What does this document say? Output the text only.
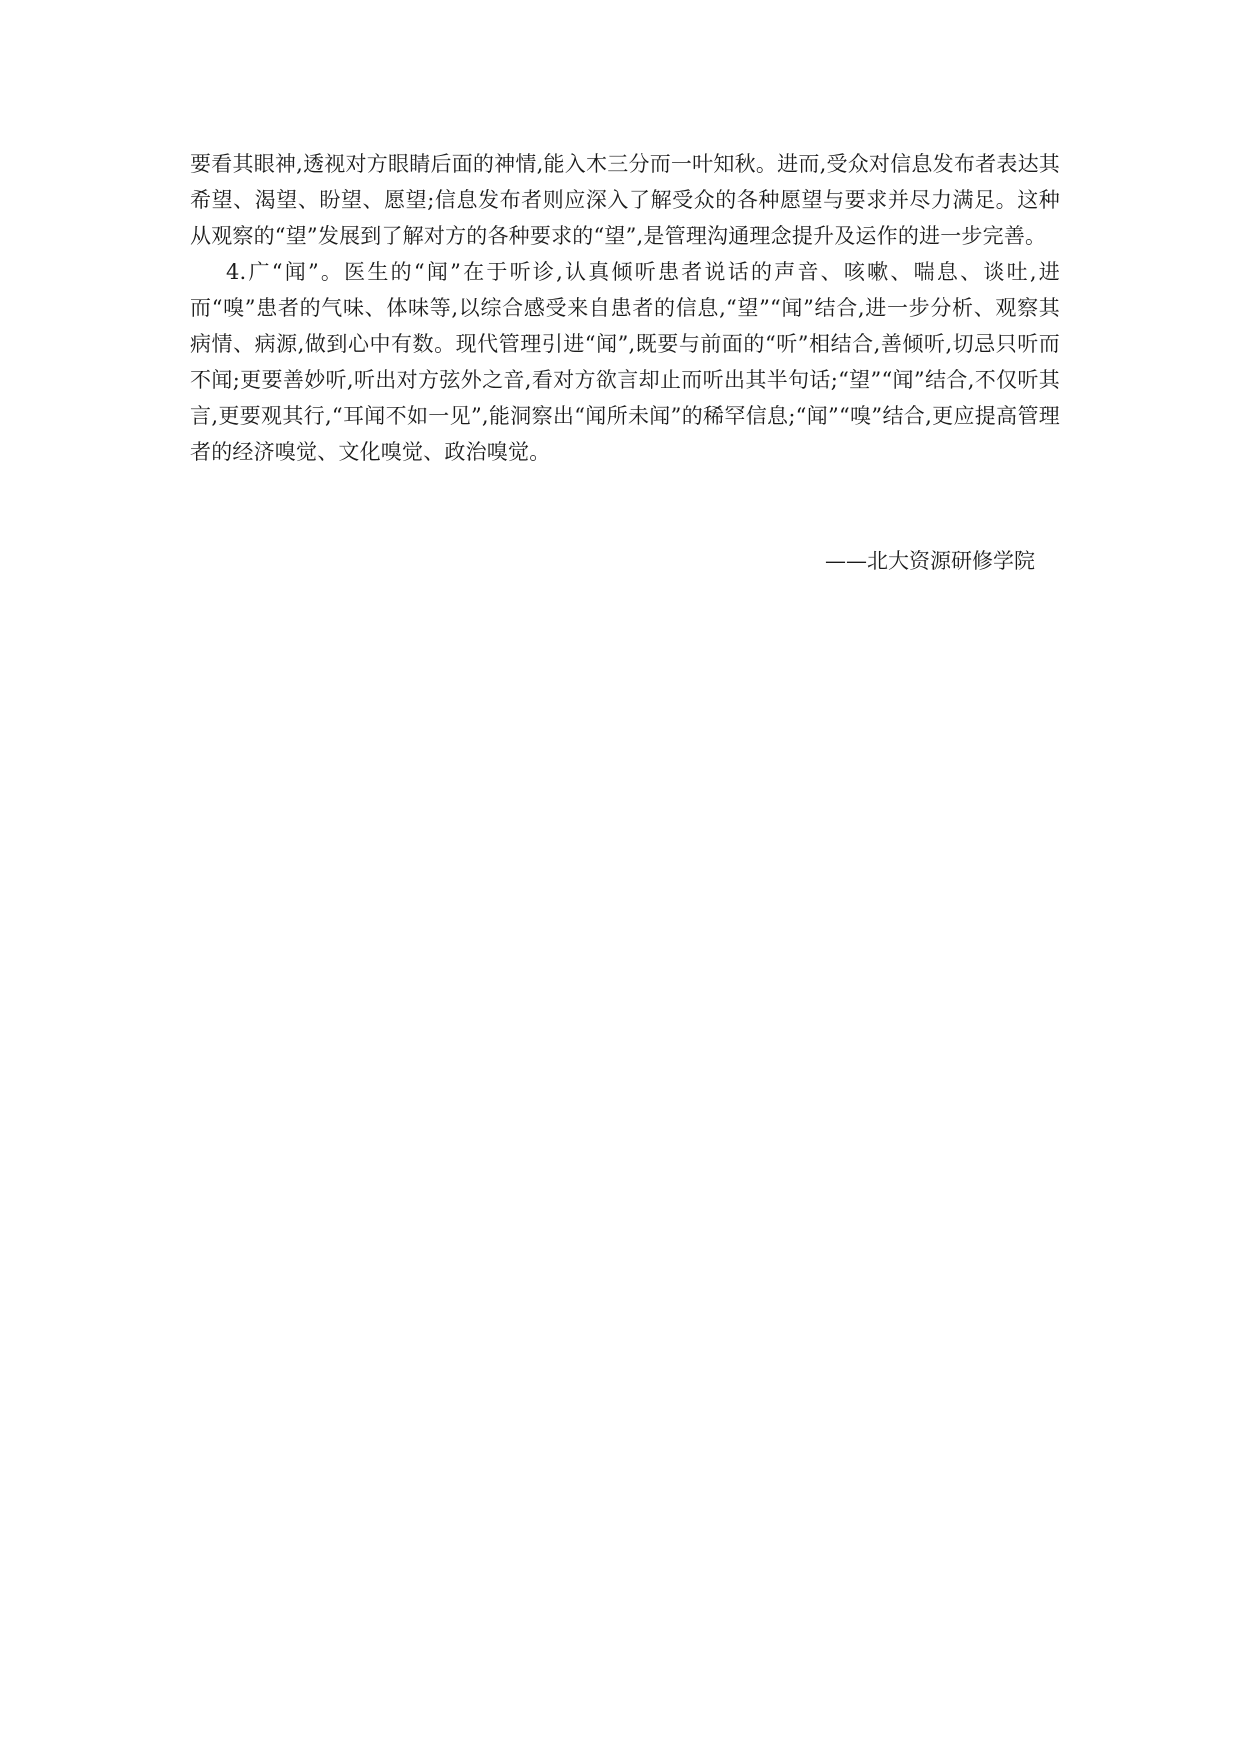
要看其眼神,透视对方眼睛后面的神情,能入木三分而一叶知秋。进而,受众对信息发布者表达其希望、渴望、盼望、愿望;信息发布者则应深入了解受众的各种愿望与要求并尽力满足。这种从观察的“望”发展到了解对方的各种要求的“望”,是管理沟通理念提升及运作的进一步完善。

4.广“闻”。医生的“闻”在于听诊,认真倾听患者说话的声音、咳嗽、喘息、谈吐,进而“嗅”患者的气味、体味等,以综合感受来自患者的信息,“望”“闻”结合,进一步分析、观察其病情、病源,做到心中有数。现代管理引进“闻”,既要与前面的“听”相结合,善倾听,切忌只听而不闻;更要善妙听,听出对方弦外之音,看对方欲言却止而听出其半句话;“望”“闻”结合,不仅听其言,更要观其行,“耳闻不如一见”,能洞察出“闻所未闻”的稀罕信息;“闻”“嗅”结合,更应提高管理者的经济嗅觉、文化嗅觉、政治嗅觉。

——北大资源研修学院
